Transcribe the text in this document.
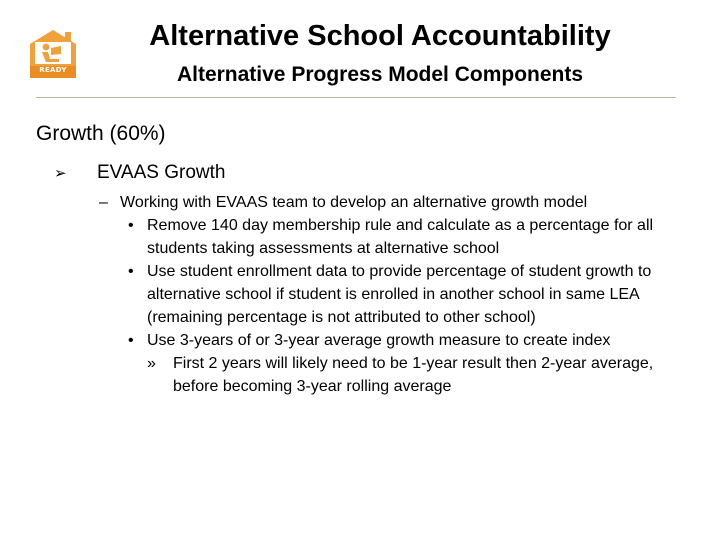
READY
Alternative School Accountability
Alternative Progress Model Components
Growth (60%)
➢ EVAAS Growth
– Working with EVAAS team to develop an alternative growth model
• Remove 140 day membership rule and calculate as a percentage for all students taking assessments at alternative school
• Use student enrollment data to provide percentage of student growth to alternative school if student is enrolled in another school in same LEA (remaining percentage is not attributed to other school)
• Use 3-years of or 3-year average growth measure to create index
» First 2 years will likely need to be 1-year result then 2-year average, before becoming 3-year rolling average
